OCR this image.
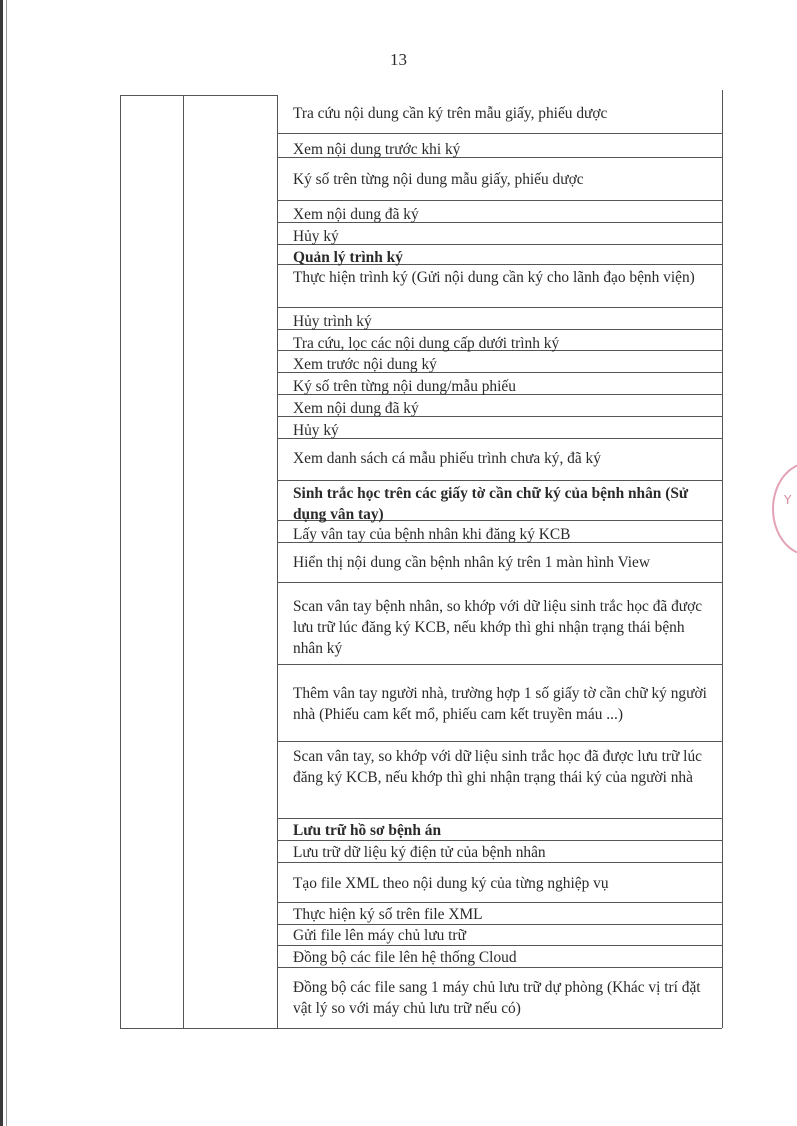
13
Tra cứu nội dung cần ký trên mẫu giấy, phiếu dược
Xem nội dung trước khi ký
Ký số trên từng nội dung mẫu giấy, phiếu dược
Xem nội dung đã ký
Hủy ký
Quản lý trình ký
Thực hiện trình ký (Gửi nội dung cần ký cho lãnh đạo bệnh viện)
Hủy trình ký
Tra cứu, lọc các nội dung cấp dưới trình ký
Xem trước nội dung ký
Ký số trên từng nội dung/mẫu phiếu
Xem nội dung đã ký
Hủy ký
Xem danh sách cá mẫu phiếu trình chưa ký, đã ký
Sinh trắc học trên các giấy tờ cần chữ ký của bệnh nhân (Sử dụng vân tay)
Lấy vân tay của bệnh nhân khi đăng ký KCB
Hiển thị nội dung cần bệnh nhân ký trên 1 màn hình View
Scan vân tay bệnh nhân, so khớp với dữ liệu sinh trắc học đã được lưu trữ lúc đăng ký KCB, nếu khớp thì ghi nhận trạng thái bệnh nhân ký
Thêm vân tay người nhà, trường hợp 1 số giấy tờ cần chữ ký người nhà (Phiếu cam kết mổ, phiếu cam kết truyền máu ...)
Scan vân tay, so khớp với dữ liệu sinh trắc học đã được lưu trữ lúc đăng ký KCB, nếu khớp thì ghi nhận trạng thái ký của người nhà
Lưu trữ hồ sơ bệnh án
Lưu trữ dữ liệu ký điện tử của bệnh nhân
Tạo file XML theo nội dung ký của từng nghiệp vụ
Thực hiện ký số trên file XML
Gửi file lên máy chủ lưu trữ
Đồng bộ các file lên hệ thống Cloud
Đồng bộ các file sang 1 máy chủ lưu trữ dự phòng (Khác vị trí đặt vật lý so với máy chủ lưu trữ nếu có)
Y
